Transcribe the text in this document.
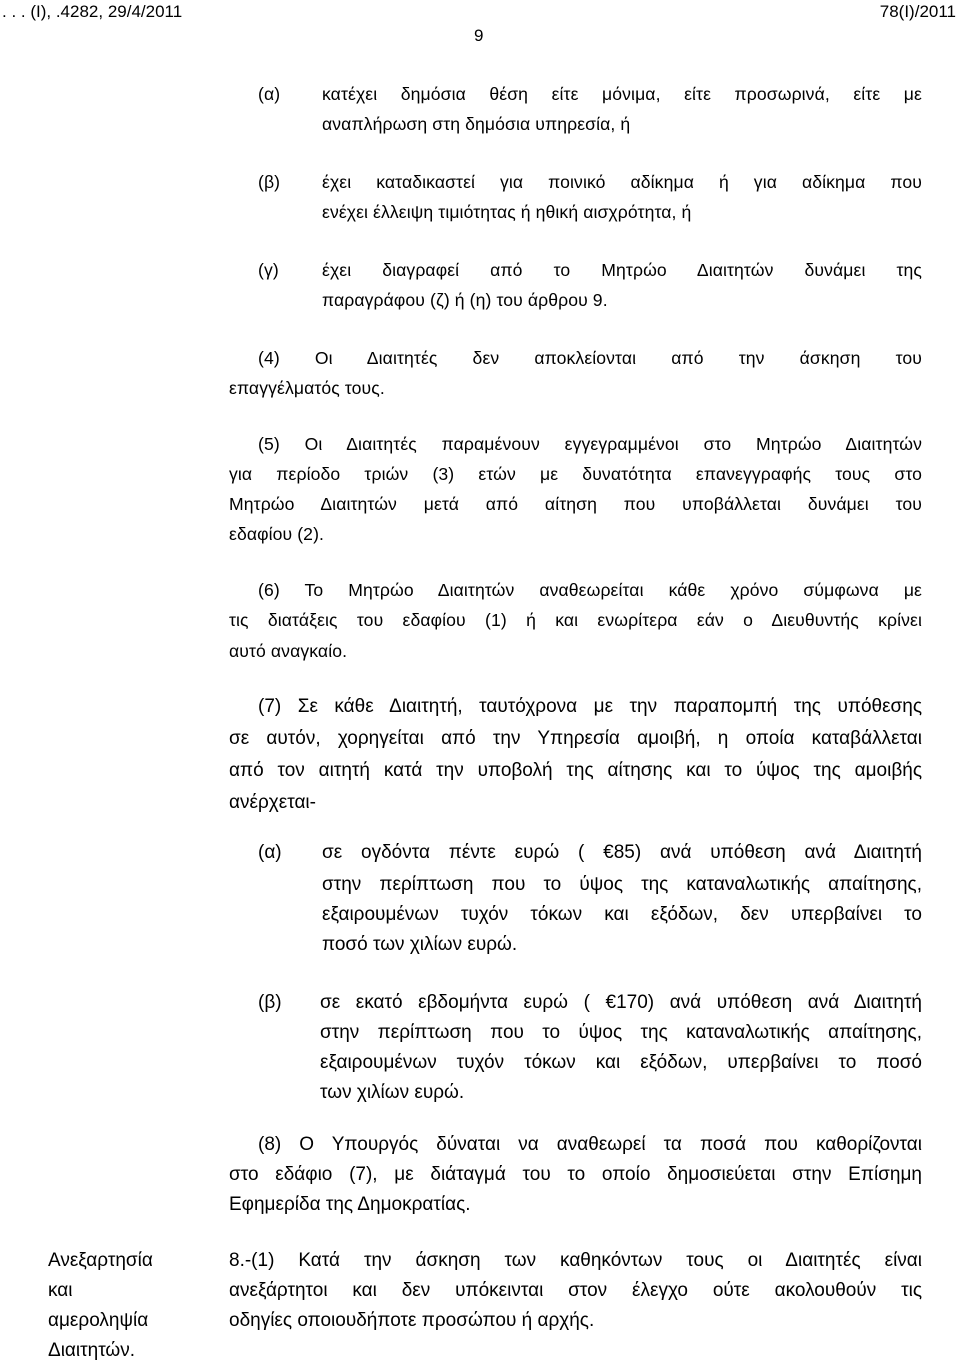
. . . (Ι), .4282, 29/4/2011
9
78(Ι)/2011
(α) κατέχει δημόσια θέση είτε μόνιμα, είτε προσωρινά, είτε με
αναπλήρωση στη δημόσια υπηρεσία, ή
(β) έχει καταδικαστεί για ποινικό αδίκημα ή για αδίκημα που
ενέχει έλλειψη τιμιότητας ή ηθική αισχρότητα, ή
(γ) έχει διαγραφεί από το Μητρώο Διαιτητών δυνάμει της
παραγράφου (ζ) ή (η) του άρθρου 9.
(4) Οι Διαιτητές δεν αποκλείονται από την άσκηση του
επαγγέλματός τους.
(5) Οι Διαιτητές παραμένουν εγγεγραμμένοι στο Μητρώο Διαιτητών
για περίοδο τριών (3) ετών με δυνατότητα επανεγγραφής τους στο
Μητρώο Διαιτητών μετά από αίτηση που υποβάλλεται δυνάμει του
εδαφίου (2).
(6) Το Μητρώο Διαιτητών αναθεωρείται κάθε χρόνο σύμφωνα με
τις διατάξεις του εδαφίου (1) ή και ενωρίτερα εάν ο Διευθυντής κρίνει
αυτό αναγκαίο.
(7) Σε κάθε Διαιτητή, ταυτόχρονα με την παραπομπή της υπόθεσης
σε αυτόν, χορηγείται από την Υπηρεσία αμοιβή, η οποία καταβάλλεται
από τον αιτητή κατά την υποβολή της αίτησης και το ύψος της αμοιβής
ανέρχεται-
(α) σε ογδόντα πέντε ευρώ ( €85) ανά υπόθεση ανά Διαιτητή
στην περίπτωση που το ύψος της καταναλωτικής απαίτησης,
εξαιρουμένων τυχόν τόκων και εξόδων, δεν υπερβαίνει το
ποσό των χιλίων ευρώ.
(β) σε εκατό εβδομήντα ευρώ ( €170) ανά υπόθεση ανά Διαιτητή
στην περίπτωση που το ύψος της καταναλωτικής απαίτησης,
εξαιρουμένων τυχόν τόκων και εξόδων, υπερβαίνει το ποσό
των χιλίων ευρώ.
(8) Ο Υπουργός δύναται να αναθεωρεί τα ποσά που καθορίζονται
στο εδάφιο (7), με διάταγμά του το οποίο δημοσιεύεται στην Επίσημη
Εφημερίδα της Δημοκρατίας.
Ανεξαρτησία
και
αμεροληψία
Διαιτητών.
8.-(1) Κατά την άσκηση των καθηκόντων τους οι Διαιτητές είναι
ανεξάρτητοι και δεν υπόκεινται στον έλεγχο ούτε ακολουθούν τις
οδηγίες οποιουδήποτε προσώπου ή αρχής.
